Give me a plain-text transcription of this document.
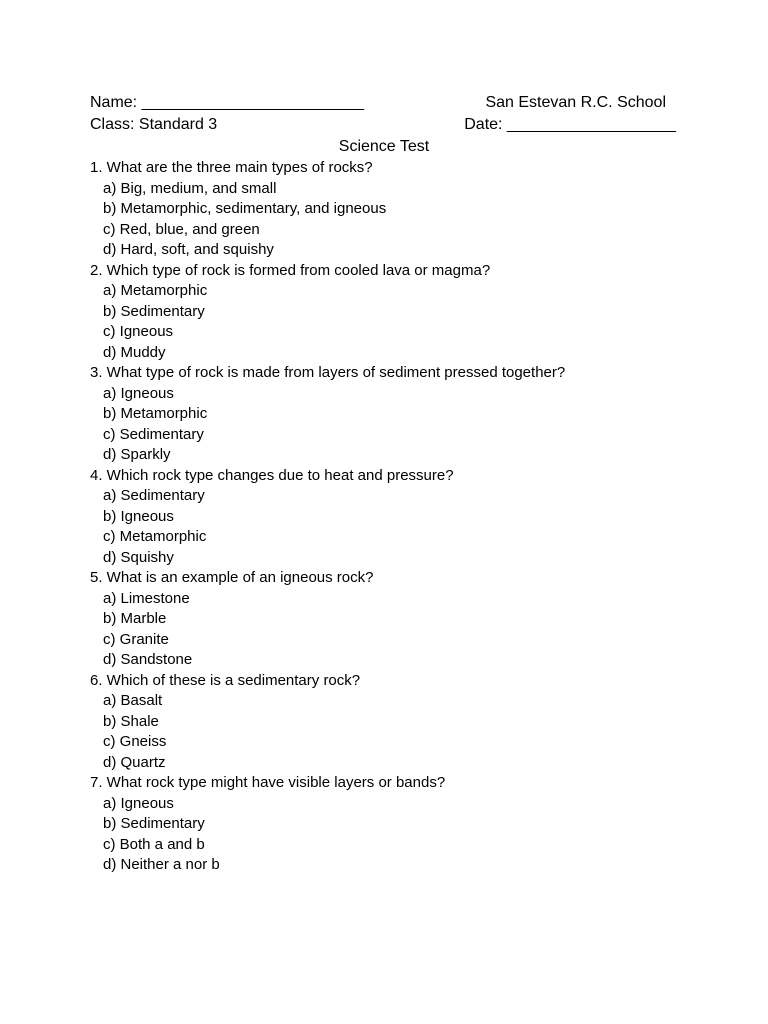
Name: _________________________	San Estevan R.C. School
Class: Standard 3	Date: ___________________
Science Test
1. What are the three main types of rocks?
a) Big, medium, and small
b) Metamorphic, sedimentary, and igneous
c) Red, blue, and green
d) Hard, soft, and squishy
2. Which type of rock is formed from cooled lava or magma?
a) Metamorphic
b) Sedimentary
c) Igneous
d) Muddy
3. What type of rock is made from layers of sediment pressed together?
a) Igneous
b) Metamorphic
c) Sedimentary
d) Sparkly
4. Which rock type changes due to heat and pressure?
a) Sedimentary
b) Igneous
c) Metamorphic
d) Squishy
5. What is an example of an igneous rock?
a) Limestone
b) Marble
c) Granite
d) Sandstone
6. Which of these is a sedimentary rock?
a) Basalt
b) Shale
c) Gneiss
d) Quartz
7. What rock type might have visible layers or bands?
a) Igneous
b) Sedimentary
c) Both a and b
d) Neither a nor b
